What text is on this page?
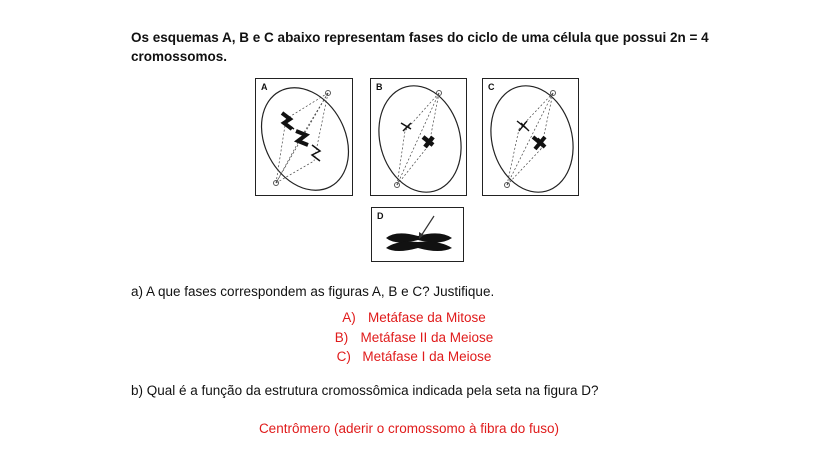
Os esquemas A, B e C abaixo representam fases do ciclo de uma célula que possui 2n = 4 cromossomos.
A	B	C
D
a) A que fases correspondem as figuras A, B e C? Justifique.
A) Metáfase da Mitose
B) Metáfase II da Meiose
C) Metáfase I da Meiose
b) Qual é a função da estrutura cromossômica indicada pela seta na figura D?
Centrômero (aderir o cromossomo à fibra do fuso)
